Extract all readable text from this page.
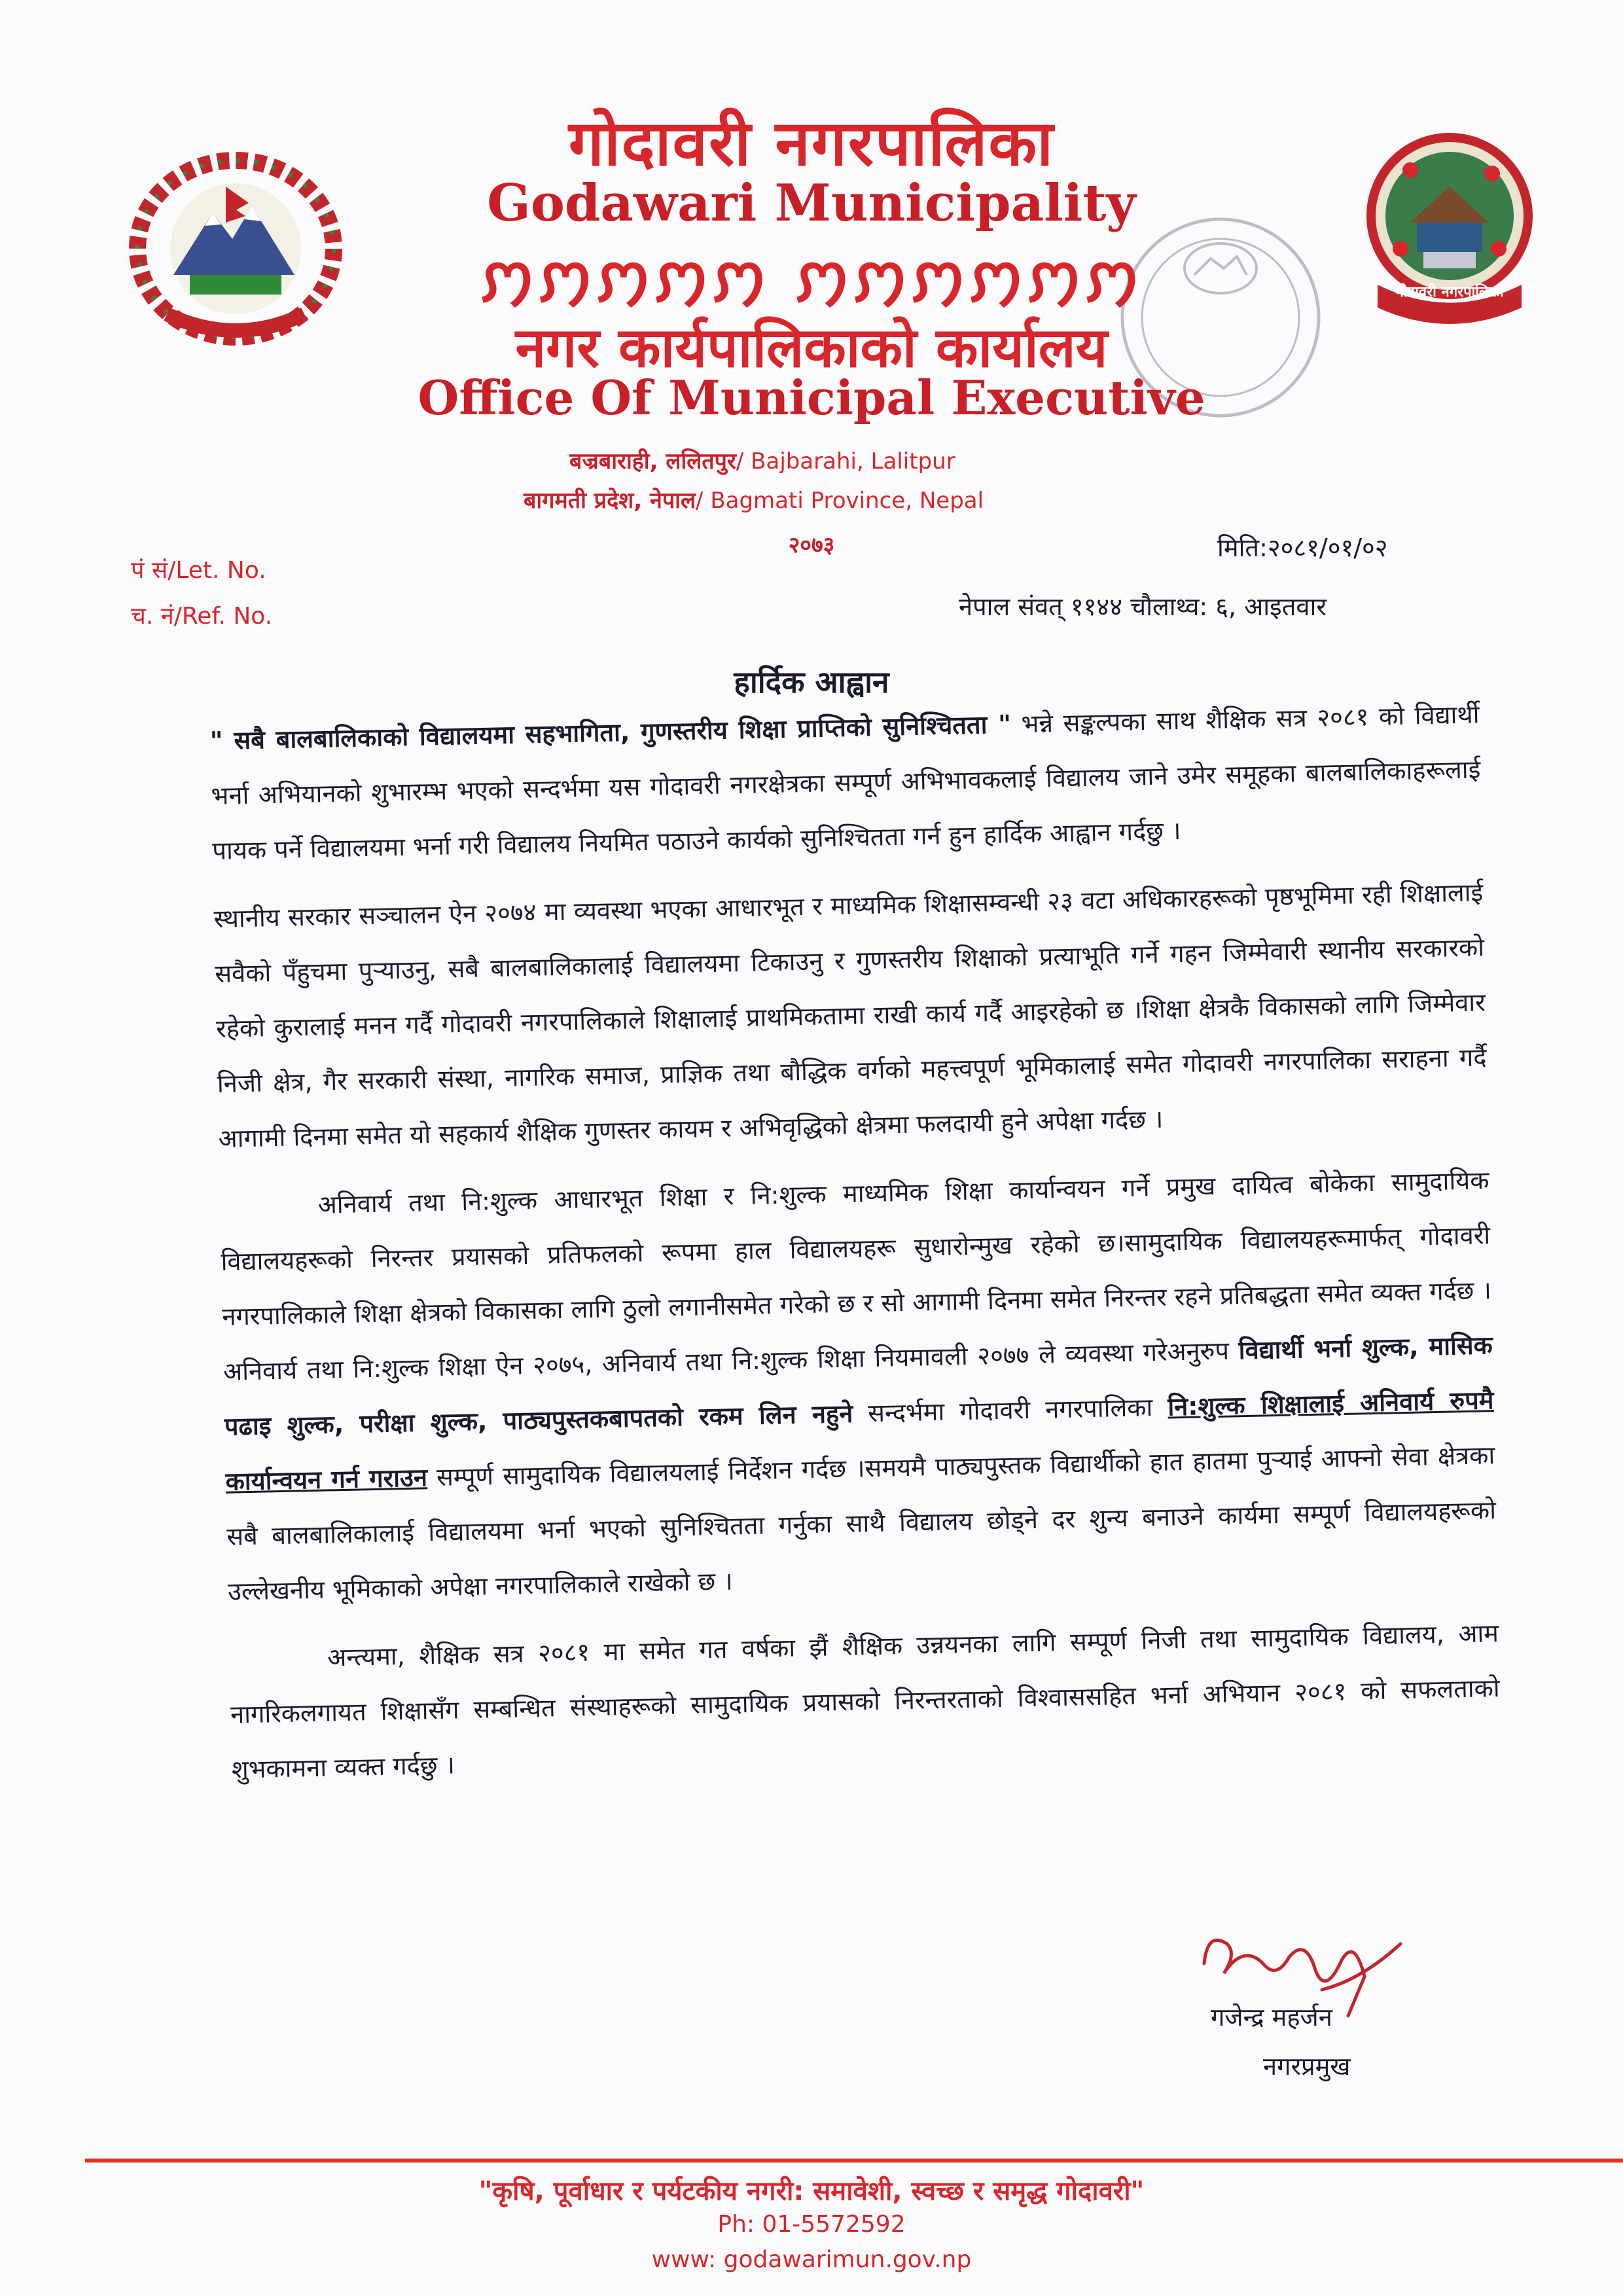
गोदावरी नगरपालिका
गोदावरी नगरपालिका
Godawari Municipality
ꩀꩀꩀꩀꩀ ꩀꩀꩀꩀꩀꩀ
नगर कार्यपालिकाको कार्यालय
Office Of Municipal Executive
बज्रबाराही, ललितपुर/ Bajbarahi, Lalitpur
बागमती प्रदेश, नेपाल/ Bagmati Province, Nepal
२०७३
पं सं/Let. No.
च. नं/Ref. No.
मिति:२०८१/०१/०२
नेपाल संवत् ११४४ चौलाथ्व: ६, आइतवार
हार्दिक आह्वान

" सबै बालबालिकाको विद्यालयमा सहभागिता, गुणस्तरीय शिक्षा प्राप्तिको सुनिश्चितता " भन्ने सङ्कल्पका साथ शैक्षिक सत्र २०८१ को विद्यार्थी भर्ना अभियानको शुभारम्भ भएको सन्दर्भमा यस गोदावरी नगरक्षेत्रका सम्पूर्ण अभिभावकलाई विद्यालय जाने उमेर समूहका बालबालिकाहरूलाई पायक पर्ने विद्यालयमा भर्ना गरी विद्यालय नियमित पठाउने कार्यको सुनिश्चितता गर्न हुन हार्दिक आह्वान गर्दछु ।

स्थानीय सरकार सञ्चालन ऐन २०७४ मा व्यवस्था भएका आधारभूत र माध्यमिक शिक्षासम्वन्धी २३ वटा अधिकारहरूको पृष्ठभूमिमा रही शिक्षालाई सवैको पँहुचमा पुऱ्याउनु, सबै बालबालिकालाई विद्यालयमा टिकाउनु र गुणस्तरीय शिक्षाको प्रत्याभूति गर्ने गहन जिम्मेवारी स्थानीय सरकारको रहेको कुरालाई मनन गर्दै गोदावरी नगरपालिकाले शिक्षालाई प्राथमिकतामा राखी कार्य गर्दै आइरहेको छ ।शिक्षा क्षेत्रकै विकासको लागि जिम्मेवार निजी क्षेत्र, गैर सरकारी संस्था, नागरिक समाज, प्राज्ञिक तथा बौद्धिक वर्गको महत्त्वपूर्ण भूमिकालाई समेत गोदावरी नगरपालिका सराहना गर्दै आगामी दिनमा समेत यो सहकार्य शैक्षिक गुणस्तर कायम र अभिवृद्धिको क्षेत्रमा फलदायी हुने अपेक्षा गर्दछ ।

अनिवार्य तथा नि:शुल्क आधारभूत शिक्षा र नि:शुल्क माध्यमिक शिक्षा कार्यान्वयन गर्ने प्रमुख दायित्व बोकेका सामुदायिक विद्यालयहरूको निरन्तर प्रयासको प्रतिफलको रूपमा हाल विद्यालयहरू सुधारोन्मुख रहेको छ।सामुदायिक विद्यालयहरूमार्फत् गोदावरी नगरपालिकाले शिक्षा क्षेत्रको विकासका लागि ठुलो लगानीसमेत गरेको छ र सो आगामी दिनमा समेत निरन्तर रहने प्रतिबद्धता समेत व्यक्त गर्दछ । अनिवार्य तथा नि:शुल्क शिक्षा ऐन २०७५, अनिवार्य तथा नि:शुल्क शिक्षा नियमावली २०७७ ले व्यवस्था गरेअनुरुप विद्यार्थी भर्ना शुल्क, मासिक पढाइ शुल्क, परीक्षा शुल्क, पाठ्यपुस्तकबापतको रकम लिन नहुने सन्दर्भमा गोदावरी नगरपालिका नि:शुल्क शिक्षालाई अनिवार्य रुपमै कार्यान्वयन गर्न गराउन सम्पूर्ण सामुदायिक विद्यालयलाई निर्देशन गर्दछ ।समयमै पाठ्यपुस्तक विद्यार्थीको हात हातमा पुऱ्याई आफ्नो सेवा क्षेत्रका सबै बालबालिकालाई विद्यालयमा भर्ना भएको सुनिश्चितता गर्नुका साथै विद्यालय छोड्ने दर शुन्य बनाउने कार्यमा सम्पूर्ण विद्यालयहरूको उल्लेखनीय भूमिकाको अपेक्षा नगरपालिकाले राखेको छ ।

अन्त्यमा, शैक्षिक सत्र २०८१ मा समेत गत वर्षका झैं शैक्षिक उन्नयनका लागि सम्पूर्ण निजी तथा सामुदायिक विद्यालय, आम नागरिकलगायत शिक्षासँग सम्बन्धित संस्थाहरूको सामुदायिक प्रयासको निरन्तरताको विश्वाससहित भर्ना अभियान २०८१ को सफलताको शुभकामना व्यक्त गर्दछु ।

गजेन्द्र महर्जन
नगरप्रमुख
"कृषि, पूर्वाधार र पर्यटकीय नगरी: समावेशी, स्वच्छ र समृद्ध गोदावरी"
Ph: 01-5572592
www: godawarimun.gov.np
